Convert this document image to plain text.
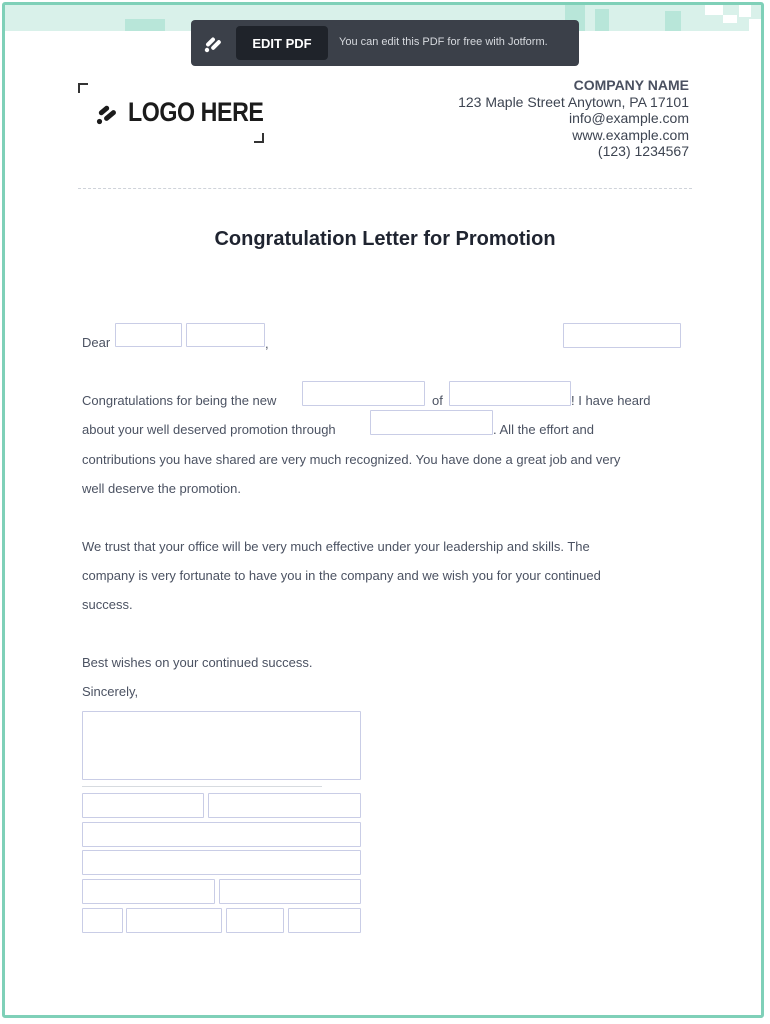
EDIT PDF	You can edit this PDF for free with Jotform.
LOGO HERE
COMPANY NAME
123 Maple Street Anytown, PA 17101
info@example.com
www.example.com
(123) 1234567
Congratulation Letter for Promotion
Dear	,
Congratulations for being the new	of	! I have heard
about your well deserved promotion through	. All the effort and
contributions you have shared are very much recognized. You have done a great job and very
well deserve the promotion.
We trust that your office will be very much effective under your leadership and skills. The
company is very fortunate to have you in the company and we wish you for your continued
success.
Best wishes on your continued success.
Sincerely,
